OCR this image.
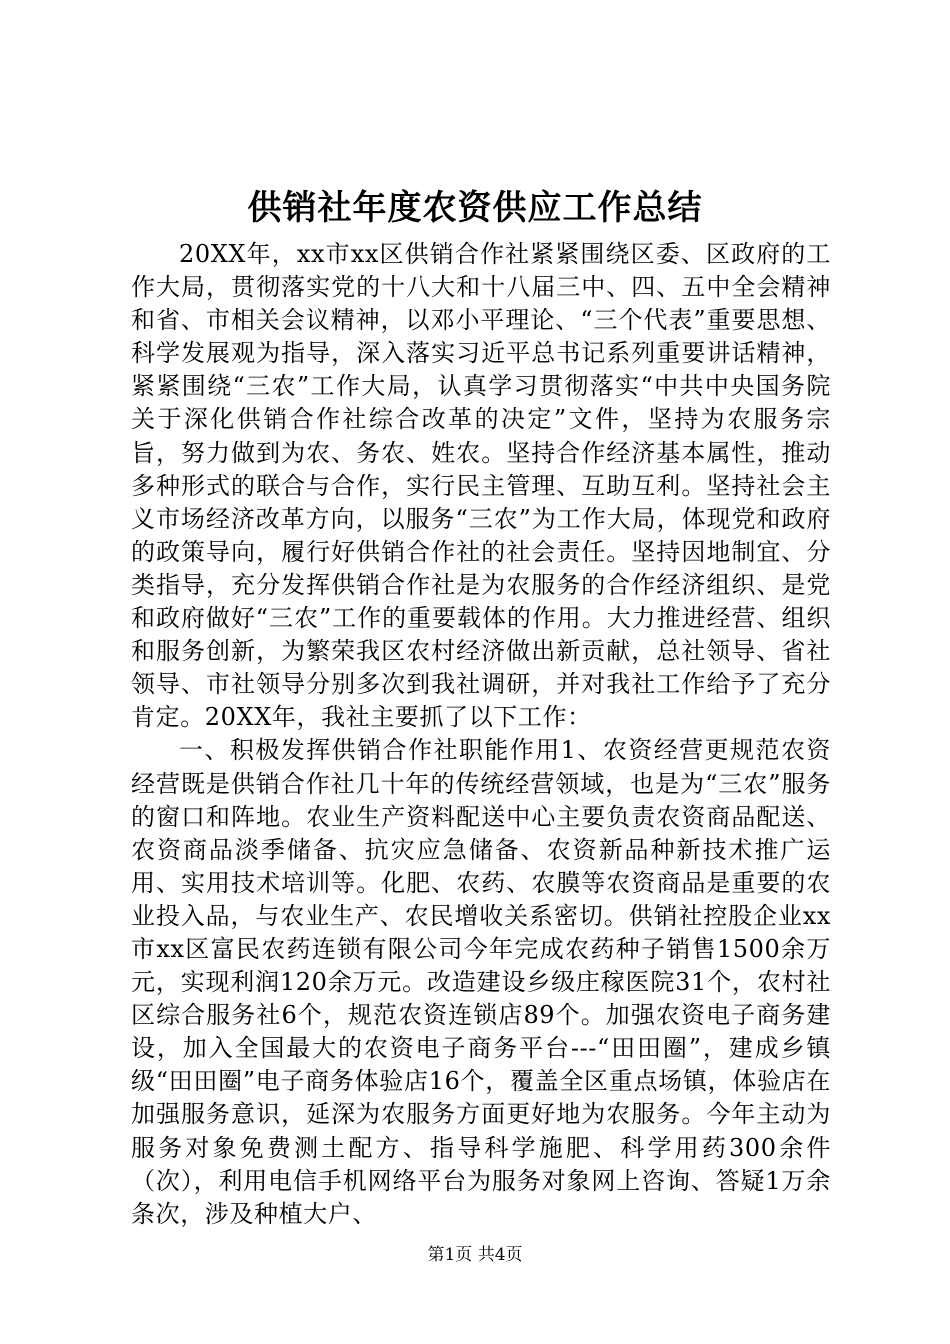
供销社年度农资供应工作总结

20XX年，xx市xx区供销合作社紧紧围绕区委、区政府的工作大局，贯彻落实党的十八大和十八届三中、四、五中全会精神和省、市相关会议精神，以邓小平理论、“三个代表”重要思想、科学发展观为指导，深入落实习近平总书记系列重要讲话精神，紧紧围绕“三农”工作大局，认真学习贯彻落实“中共中央国务院关于深化供销合作社综合改革的决定”文件，坚持为农服务宗旨，努力做到为农、务农、姓农。坚持合作经济基本属性，推动多种形式的联合与合作，实行民主管理、互助互利。坚持社会主义市场经济改革方向，以服务“三农”为工作大局，体现党和政府的政策导向，履行好供销合作社的社会责任。坚持因地制宜、分类指导，充分发挥供销合作社是为农服务的合作经济组织、是党和政府做好“三农”工作的重要载体的作用。大力推进经营、组织和服务创新，为繁荣我区农村经济做出新贡献，总社领导、省社领导、市社领导分别多次到我社调研，并对我社工作给予了充分肯定。20XX年，我社主要抓了以下工作：

一、积极发挥供销合作社职能作用1、农资经营更规范农资经营既是供销合作社几十年的传统经营领域，也是为“三农”服务的窗口和阵地。农业生产资料配送中心主要负责农资商品配送、农资商品淡季储备、抗灾应急储备、农资新品种新技术推广运用、实用技术培训等。化肥、农药、农膜等农资商品是重要的农业投入品，与农业生产、农民增收关系密切。供销社控股企业xx市xx区富民农药连锁有限公司今年完成农药种子销售1500余万元，实现利润120余万元。改造建设乡级庄稼医院31个，农村社区综合服务社6个，规范农资连锁店89个。加强农资电子商务建设，加入全国最大的农资电子商务平台---“田田圈”，建成乡镇级“田田圈”电子商务体验店16个，覆盖全区重点场镇，体验店在加强服务意识，延深为农服务方面更好地为农服务。今年主动为服务对象免费测土配方、指导科学施肥、科学用药300余件（次），利用电信手机网络平台为服务对象网上咨询、答疑1万余条次，涉及种植大户、

第1页 共4页
